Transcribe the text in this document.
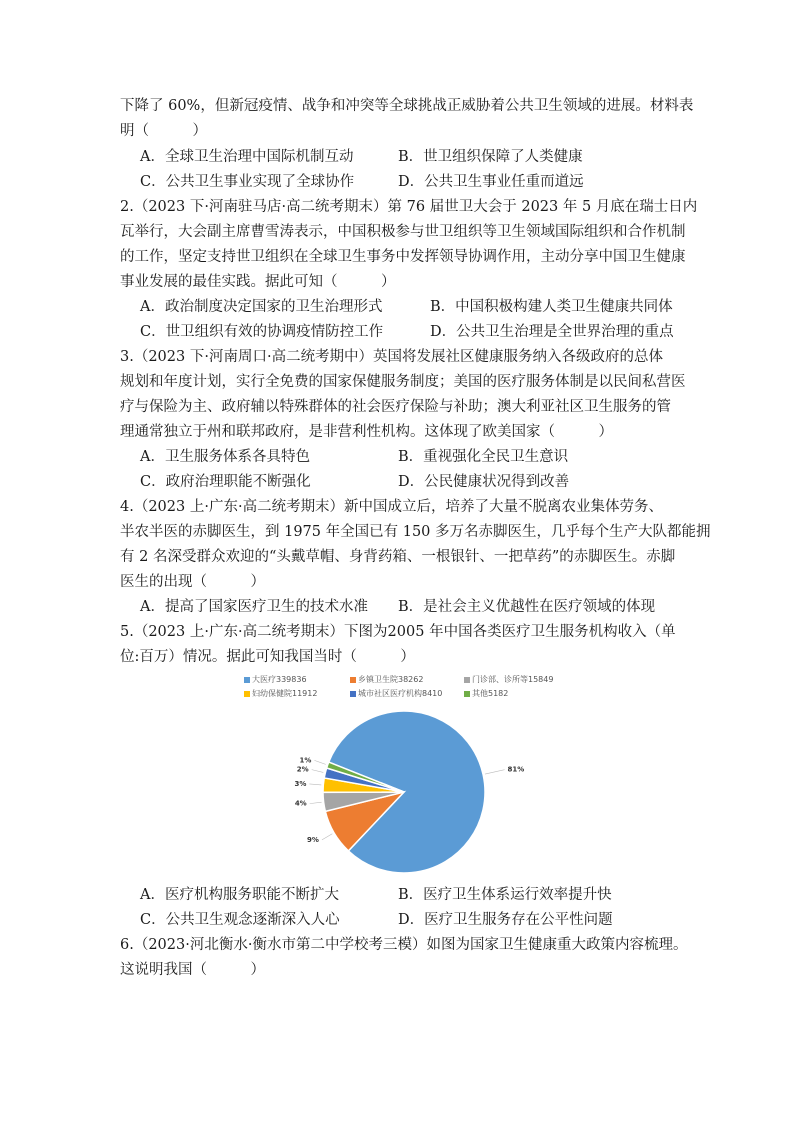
下降了 60%，但新冠疫情、战争和冲突等全球挑战正威胁着公共卫生领域的进展。材料表
明（　　　）
A．全球卫生治理中国际机制互动	B．世卫组织保障了人类健康
C．公共卫生事业实现了全球协作	D．公共卫生事业任重而道远
2.（2023 下·河南驻马店·高二统考期末）第 76 届世卫大会于 2023 年 5 月底在瑞士日内
瓦举行，大会副主席曹雪涛表示，中国积极参与世卫组织等卫生领域国际组织和合作机制
的工作，坚定支持世卫组织在全球卫生事务中发挥领导协调作用，主动分享中国卫生健康
事业发展的最佳实践。据此可知（　　　）
A．政治制度决定国家的卫生治理形式	B．中国积极构建人类卫生健康共同体
C．世卫组织有效的协调疫情防控工作	D．公共卫生治理是全世界治理的重点
3.（2023 下·河南周口·高二统考期中）英国将发展社区健康服务纳入各级政府的总体
规划和年度计划，实行全免费的国家保健服务制度；美国的医疗服务体制是以民间私营医
疗与保险为主、政府辅以特殊群体的社会医疗保险与补助；澳大利亚社区卫生服务的管
理通常独立于州和联邦政府，是非营利性机构。这体现了欧美国家（　　　）
A．卫生服务体系各具特色	B．重视强化全民卫生意识
C．政府治理职能不断强化	D．公民健康状况得到改善
4.（2023 上·广东·高二统考期末）新中国成立后，培养了大量不脱离农业集体劳务、
半农半医的赤脚医生，到 1975 年全国已有 150 多万名赤脚医生，几乎每个生产大队都能拥
有 2 名深受群众欢迎的“头戴草帽、身背药箱、一根银针、一把草药”的赤脚医生。赤脚
医生的出现（　　　）
A．提高了国家医疗卫生的技术水准 B．是社会主义优越性在医疗领域的体现
5.（2023 上·广东·高二统考期末）下图为2005 年中国各类医疗卫生服务机构收入（单
位:百万）情况。据此可知我国当时（　　　）
大医疗339836	乡镇卫生院38262	门诊部、诊所等15849
妇幼保健院11912	城市社区医疗机构8410	其他5182
81%
9%
4%
3%
2%
1%
A．医疗机构服务职能不断扩大	B．医疗卫生体系运行效率提升快
C．公共卫生观念逐渐深入人心	D．医疗卫生服务存在公平性问题
6.（2023·河北衡水·衡水市第二中学校考三模）如图为国家卫生健康重大政策内容梳理。
这说明我国（　　　）
